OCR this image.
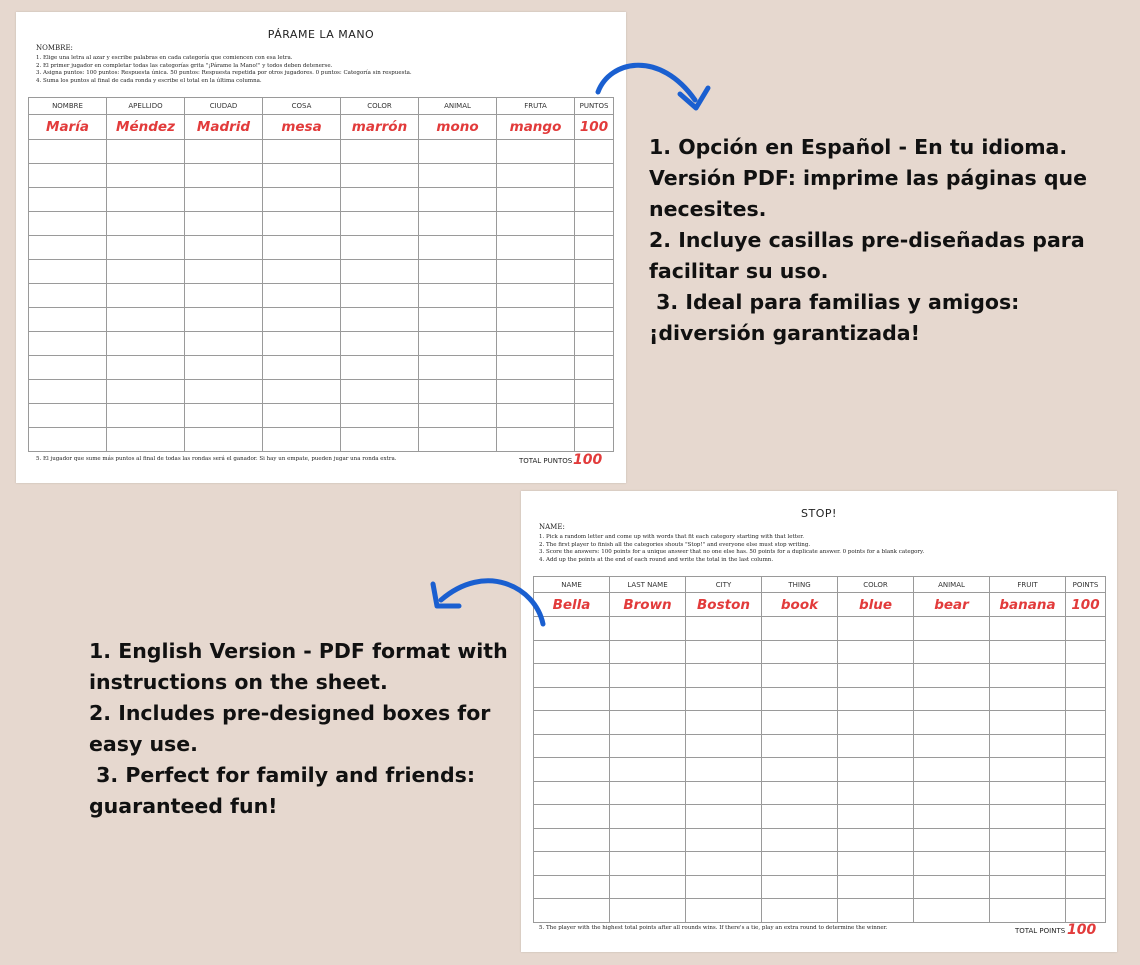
PÁRAME LA MANO
NOMBRE:
1. Elige una letra al azar y escribe palabras en cada categoría que comiencen con esa letra.
2. El primer jugador en completar todas las categorías grita "¡Párame la Mano!" y todos deben detenerse.
3. Asigna puntos: 100 puntos: Respuesta única. 50 puntos: Respuesta repetida por otros jugadores. 0 puntos: Categoría sin respuesta.
4. Suma los puntos al final de cada ronda y escribe el total en la última columna.
NOMBRE	APELLIDO	CIUDAD	COSA	COLOR	ANIMAL	FRUTA	PUNTOS
María	Méndez	Madrid	mesa	marrón	mono	mango	100

5. El jugador que sume más puntos al final de todas las rondas será el ganador. Si hay un empate, pueden jugar una ronda extra.	TOTAL PUNTOS 100
STOP!
NAME:
1. Pick a random letter and come up with words that fit each category starting with that letter.
2. The first player to finish all the categories shouts "Stop!" and everyone else must stop writing.
3. Score the answers: 100 points for a unique answer that no one else has. 50 points for a duplicate answer. 0 points for a blank category.
4. Add up the points at the end of each round and write the total in the last column.
NAME	LAST NAME	CITY	THING	COLOR	ANIMAL	FRUIT	POINTS
Bella	Brown	Boston	book	blue	bear	banana	100

5. The player with the highest total points after all rounds wins. If there's a tie, play an extra round to determine the winner.	TOTAL POINTS 100
1. Opción en Español - En tu idioma.
Versión PDF: imprime las páginas que
necesites.
2. Incluye casillas pre-diseñadas para
facilitar su uso.
3. Ideal para familias y amigos:
¡diversión garantizada!
1. English Version - PDF format with
instructions on the sheet.
2. Includes pre-designed boxes for
easy use.
3. Perfect for family and friends:
guaranteed fun!
